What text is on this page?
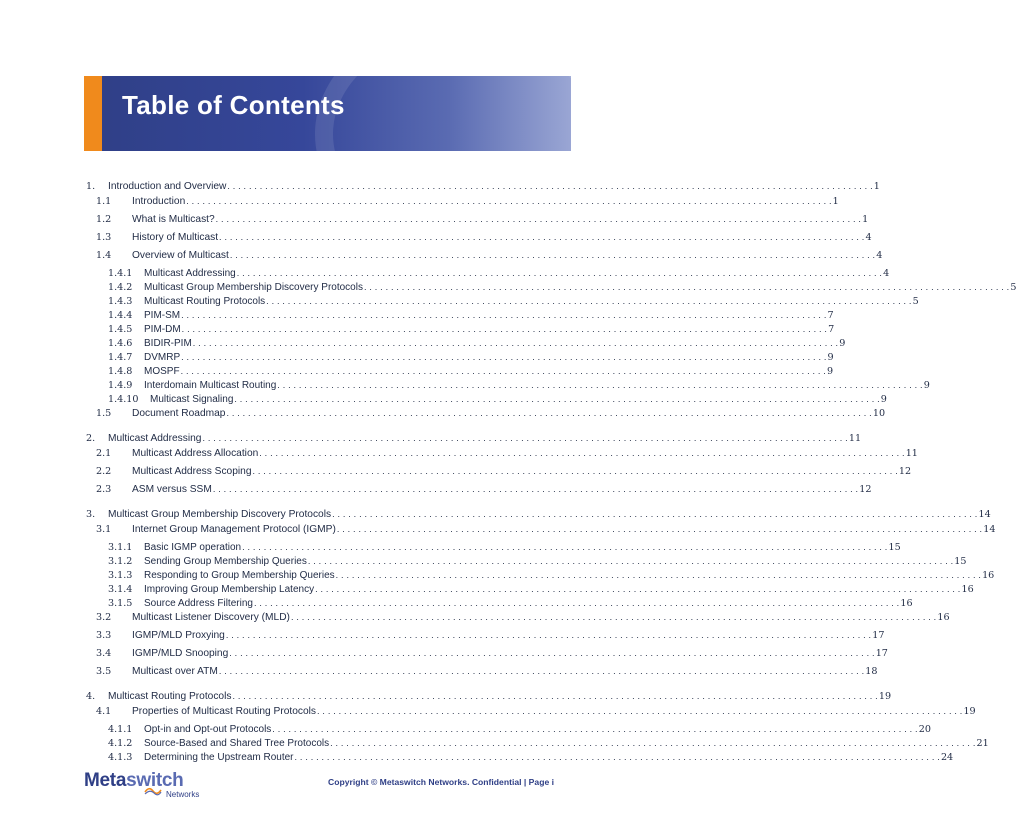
Table of Contents
1.	Introduction and Overview . . . . . . . . . . . . . . . . . . . . . . . . . . . . . . . . . . . . . . . . . . . . . . . . . . . . . . . . . . . . . . . . . . . . . . . . . . . . . . . . . . . . . . . . . . . . . . . . . . . . . . . . . . . . . . . . . . . . . . . . 1
1.1	Introduction . . . . . . . . . . . . . . . . . . . . . . . . . . . . . . . . . . . . . . . . . . . . . . . . . . . . . . . . . . . . . . . . . . . . . . . . . . . . . . . . . . . . . . . . . . . . . . . . . . . . . . . . . . . . . . . . . . . . . . . . 1
1.2	What is Multicast? . . . . . . . . . . . . . . . . . . . . . . . . . . . . . . . . . . . . . . . . . . . . . . . . . . . . . . . . . . . . . . . . . . . . . . . . . . . . . . . . . . . . . . . . . . . . . . . . . . . . . . . . . . . . . . . . . . . . . . . . 1
1.3	History of Multicast . . . . . . . . . . . . . . . . . . . . . . . . . . . . . . . . . . . . . . . . . . . . . . . . . . . . . . . . . . . . . . . . . . . . . . . . . . . . . . . . . . . . . . . . . . . . . . . . . . . . . . . . . . . . . . . . . . . . . . . . 4
1.4	Overview of Multicast . . . . . . . . . . . . . . . . . . . . . . . . . . . . . . . . . . . . . . . . . . . . . . . . . . . . . . . . . . . . . . . . . . . . . . . . . . . . . . . . . . . . . . . . . . . . . . . . . . . . . . . . . . . . . . . . . . . . . . . . 4
1.4.1	Multicast Addressing . . . . . . . . . . . . . . . . . . . . . . . . . . . . . . . . . . . . . . . . . . . . . . . . . . . . . . . . . . . . . . . . . . . . . . . . . . . . . . . . . . . . . . . . . . . . . . . . . . . . . . . . . . . . . . . . . . . . . . . . 4
1.4.2	Multicast Group Membership Discovery Protocols . . . . . . . . . . . . . . . . . . . . . . . . . . . . . . . . . . . . . . . . . . . . . . . . . . . . . . . . . . . . . . . . . . . . . . . . . . . . . . . . . . . . . . . . . . . . . . . . . . . . . . . . . . . . . . . . . . . . . . . . 5
1.4.3	Multicast Routing Protocols . . . . . . . . . . . . . . . . . . . . . . . . . . . . . . . . . . . . . . . . . . . . . . . . . . . . . . . . . . . . . . . . . . . . . . . . . . . . . . . . . . . . . . . . . . . . . . . . . . . . . . . . . . . . . . . . . . . . . . . . 5
1.4.4	PIM-SM . . . . . . . . . . . . . . . . . . . . . . . . . . . . . . . . . . . . . . . . . . . . . . . . . . . . . . . . . . . . . . . . . . . . . . . . . . . . . . . . . . . . . . . . . . . . . . . . . . . . . . . . . . . . . . . . . . . . . . . . 7
1.4.5	PIM-DM . . . . . . . . . . . . . . . . . . . . . . . . . . . . . . . . . . . . . . . . . . . . . . . . . . . . . . . . . . . . . . . . . . . . . . . . . . . . . . . . . . . . . . . . . . . . . . . . . . . . . . . . . . . . . . . . . . . . . . . . 7
1.4.6	BIDIR-PIM . . . . . . . . . . . . . . . . . . . . . . . . . . . . . . . . . . . . . . . . . . . . . . . . . . . . . . . . . . . . . . . . . . . . . . . . . . . . . . . . . . . . . . . . . . . . . . . . . . . . . . . . . . . . . . . . . . . . . . . . 9
1.4.7	DVMRP . . . . . . . . . . . . . . . . . . . . . . . . . . . . . . . . . . . . . . . . . . . . . . . . . . . . . . . . . . . . . . . . . . . . . . . . . . . . . . . . . . . . . . . . . . . . . . . . . . . . . . . . . . . . . . . . . . . . . . . . 9
1.4.8	MOSPF . . . . . . . . . . . . . . . . . . . . . . . . . . . . . . . . . . . . . . . . . . . . . . . . . . . . . . . . . . . . . . . . . . . . . . . . . . . . . . . . . . . . . . . . . . . . . . . . . . . . . . . . . . . . . . . . . . . . . . . . 9
1.4.9	Interdomain Multicast Routing . . . . . . . . . . . . . . . . . . . . . . . . . . . . . . . . . . . . . . . . . . . . . . . . . . . . . . . . . . . . . . . . . . . . . . . . . . . . . . . . . . . . . . . . . . . . . . . . . . . . . . . . . . . . . . . . . . . . . . . . 9
1.4.10	Multicast Signaling . . . . . . . . . . . . . . . . . . . . . . . . . . . . . . . . . . . . . . . . . . . . . . . . . . . . . . . . . . . . . . . . . . . . . . . . . . . . . . . . . . . . . . . . . . . . . . . . . . . . . . . . . . . . . . . . . . . . . . . . 9
1.5	Document Roadmap . . . . . . . . . . . . . . . . . . . . . . . . . . . . . . . . . . . . . . . . . . . . . . . . . . . . . . . . . . . . . . . . . . . . . . . . . . . . . . . . . . . . . . . . . . . . . . . . . . . . . . . . . . . . . . . . . . . . . . . . 10
2.	Multicast Addressing . . . . . . . . . . . . . . . . . . . . . . . . . . . . . . . . . . . . . . . . . . . . . . . . . . . . . . . . . . . . . . . . . . . . . . . . . . . . . . . . . . . . . . . . . . . . . . . . . . . . . . . . . . . . . . . . . . . . . . . . 11
2.1	Multicast Address Allocation . . . . . . . . . . . . . . . . . . . . . . . . . . . . . . . . . . . . . . . . . . . . . . . . . . . . . . . . . . . . . . . . . . . . . . . . . . . . . . . . . . . . . . . . . . . . . . . . . . . . . . . . . . . . . . . . . . . . . . . . 11
2.2	Multicast Address Scoping . . . . . . . . . . . . . . . . . . . . . . . . . . . . . . . . . . . . . . . . . . . . . . . . . . . . . . . . . . . . . . . . . . . . . . . . . . . . . . . . . . . . . . . . . . . . . . . . . . . . . . . . . . . . . . . . . . . . . . . . 12
2.3	ASM versus SSM . . . . . . . . . . . . . . . . . . . . . . . . . . . . . . . . . . . . . . . . . . . . . . . . . . . . . . . . . . . . . . . . . . . . . . . . . . . . . . . . . . . . . . . . . . . . . . . . . . . . . . . . . . . . . . . . . . . . . . . . 12
3.	Multicast Group Membership Discovery Protocols . . . . . . . . . . . . . . . . . . . . . . . . . . . . . . . . . . . . . . . . . . . . . . . . . . . . . . . . . . . . . . . . . . . . . . . . . . . . . . . . . . . . . . . . . . . . . . . . . . . . . . . . . . . . . . . . . . . . . . . . 14
3.1	Internet Group Management Protocol (IGMP) . . . . . . . . . . . . . . . . . . . . . . . . . . . . . . . . . . . . . . . . . . . . . . . . . . . . . . . . . . . . . . . . . . . . . . . . . . . . . . . . . . . . . . . . . . . . . . . . . . . . . . . . . . . . . . . . . . . . . . . . 14
3.1.1	Basic IGMP operation . . . . . . . . . . . . . . . . . . . . . . . . . . . . . . . . . . . . . . . . . . . . . . . . . . . . . . . . . . . . . . . . . . . . . . . . . . . . . . . . . . . . . . . . . . . . . . . . . . . . . . . . . . . . . . . . . . . . . . . . 15
3.1.2	Sending Group Membership Queries . . . . . . . . . . . . . . . . . . . . . . . . . . . . . . . . . . . . . . . . . . . . . . . . . . . . . . . . . . . . . . . . . . . . . . . . . . . . . . . . . . . . . . . . . . . . . . . . . . . . . . . . . . . . . . . . . . . . . . . . 15
3.1.3	Responding to Group Membership Queries . . . . . . . . . . . . . . . . . . . . . . . . . . . . . . . . . . . . . . . . . . . . . . . . . . . . . . . . . . . . . . . . . . . . . . . . . . . . . . . . . . . . . . . . . . . . . . . . . . . . . . . . . . . . . . . . . . . . . . . . 16
3.1.4	Improving Group Membership Latency . . . . . . . . . . . . . . . . . . . . . . . . . . . . . . . . . . . . . . . . . . . . . . . . . . . . . . . . . . . . . . . . . . . . . . . . . . . . . . . . . . . . . . . . . . . . . . . . . . . . . . . . . . . . . . . . . . . . . . . . 16
3.1.5	Source Address Filtering . . . . . . . . . . . . . . . . . . . . . . . . . . . . . . . . . . . . . . . . . . . . . . . . . . . . . . . . . . . . . . . . . . . . . . . . . . . . . . . . . . . . . . . . . . . . . . . . . . . . . . . . . . . . . . . . . . . . . . . . 16
3.2	Multicast Listener Discovery (MLD) . . . . . . . . . . . . . . . . . . . . . . . . . . . . . . . . . . . . . . . . . . . . . . . . . . . . . . . . . . . . . . . . . . . . . . . . . . . . . . . . . . . . . . . . . . . . . . . . . . . . . . . . . . . . . . . . . . . . . . . . 16
3.3	IGMP/MLD Proxying . . . . . . . . . . . . . . . . . . . . . . . . . . . . . . . . . . . . . . . . . . . . . . . . . . . . . . . . . . . . . . . . . . . . . . . . . . . . . . . . . . . . . . . . . . . . . . . . . . . . . . . . . . . . . . . . . . . . . . . . 17
3.4	IGMP/MLD Snooping . . . . . . . . . . . . . . . . . . . . . . . . . . . . . . . . . . . . . . . . . . . . . . . . . . . . . . . . . . . . . . . . . . . . . . . . . . . . . . . . . . . . . . . . . . . . . . . . . . . . . . . . . . . . . . . . . . . . . . . . 17
3.5	Multicast over ATM . . . . . . . . . . . . . . . . . . . . . . . . . . . . . . . . . . . . . . . . . . . . . . . . . . . . . . . . . . . . . . . . . . . . . . . . . . . . . . . . . . . . . . . . . . . . . . . . . . . . . . . . . . . . . . . . . . . . . . . . 18
4.	Multicast Routing Protocols . . . . . . . . . . . . . . . . . . . . . . . . . . . . . . . . . . . . . . . . . . . . . . . . . . . . . . . . . . . . . . . . . . . . . . . . . . . . . . . . . . . . . . . . . . . . . . . . . . . . . . . . . . . . . . . . . . . . . . . . 19
4.1	Properties of Multicast Routing Protocols . . . . . . . . . . . . . . . . . . . . . . . . . . . . . . . . . . . . . . . . . . . . . . . . . . . . . . . . . . . . . . . . . . . . . . . . . . . . . . . . . . . . . . . . . . . . . . . . . . . . . . . . . . . . . . . . . . . . . . . . 19
4.1.1	Opt-in and Opt-out Protocols . . . . . . . . . . . . . . . . . . . . . . . . . . . . . . . . . . . . . . . . . . . . . . . . . . . . . . . . . . . . . . . . . . . . . . . . . . . . . . . . . . . . . . . . . . . . . . . . . . . . . . . . . . . . . . . . . . . . . . . . 20
4.1.2	Source-Based and Shared Tree Protocols . . . . . . . . . . . . . . . . . . . . . . . . . . . . . . . . . . . . . . . . . . . . . . . . . . . . . . . . . . . . . . . . . . . . . . . . . . . . . . . . . . . . . . . . . . . . . . . . . . . . . . . . . . . . . . . . . . . . . . . . 21
4.1.3	Determining the Upstream Router . . . . . . . . . . . . . . . . . . . . . . . . . . . . . . . . . . . . . . . . . . . . . . . . . . . . . . . . . . . . . . . . . . . . . . . . . . . . . . . . . . . . . . . . . . . . . . . . . . . . . . . . . . . . . . . . . . . . . . . . 24
Metaswitch
Networks
Copyright © Metaswitch Networks. Confidential | Page i
